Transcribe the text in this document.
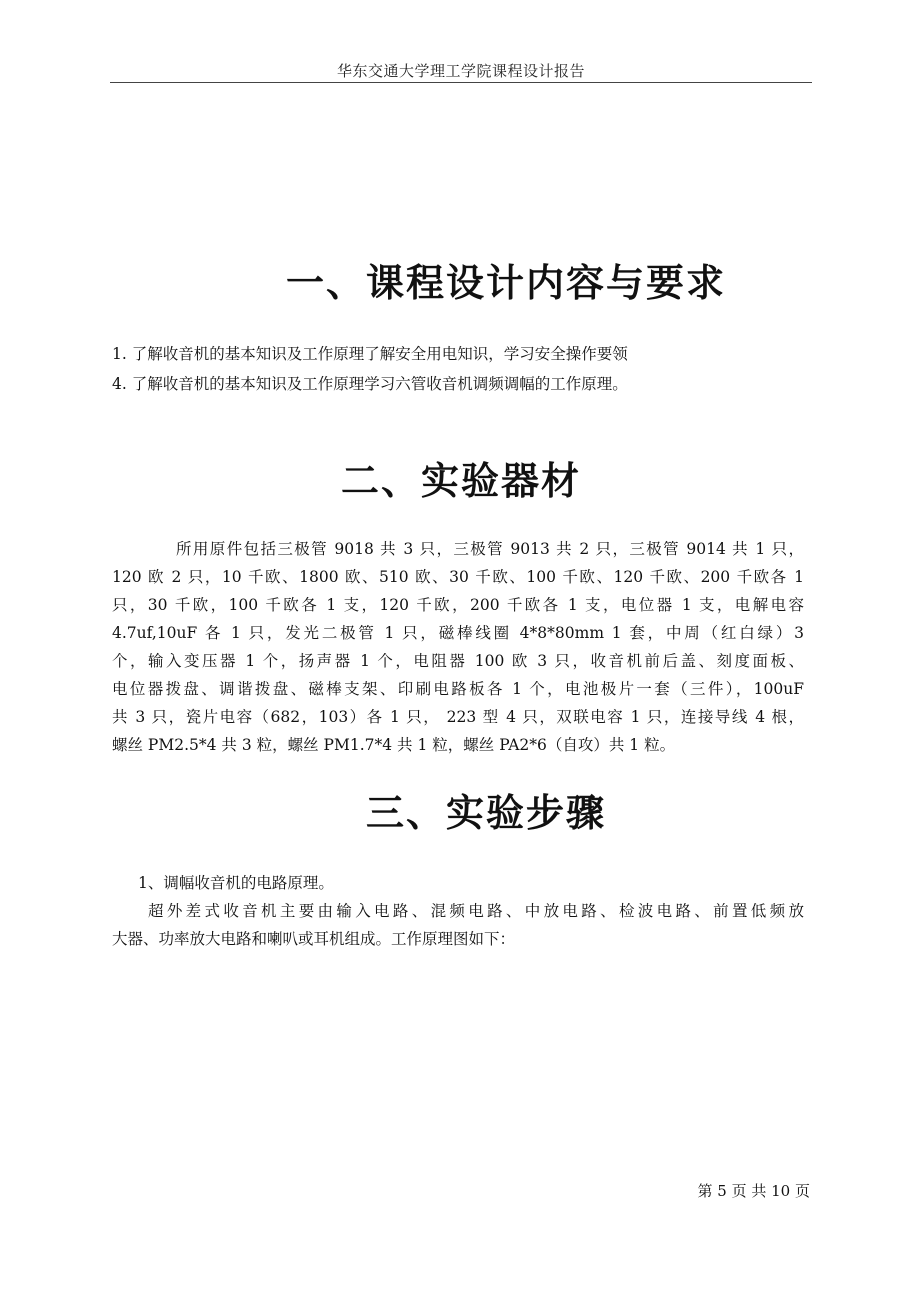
华东交通大学理工学院课程设计报告
一、课程设计内容与要求
1. 了解收音机的基本知识及工作原理了解安全用电知识，学习安全操作要领
4. 了解收音机的基本知识及工作原理学习六管收音机调频调幅的工作原理。
二、实验器材
所用原件包括三极管 9018 共 3 只，三极管 9013 共 2 只，三极管 9014 共 1 只，
120 欧 2 只，10 千欧、1800 欧、510 欧、30 千欧、100 千欧、120 千欧、200 千欧各 1
只，30 千欧，100 千欧各 1 支，120 千欧，200 千欧各 1 支，电位器 1 支，电解电容
4.7uf,10uF 各 1 只，发光二极管 1 只，磁棒线圈 4*8*80mm 1 套，中周（红白绿）3
个，输入变压器 1 个，扬声器 1 个，电阻器 100 欧 3 只，收音机前后盖、刻度面板、
电位器拨盘、调谐拨盘、磁棒支架、印刷电路板各 1 个，电池极片一套（三件），100uF
共 3 只，瓷片电容（682，103）各 1 只， 223 型 4 只，双联电容 1 只，连接导线 4 根，
螺丝 PM2.5*4 共 3 粒，螺丝 PM1.7*4 共 1 粒，螺丝 PA2*6（自攻）共 1 粒。
三、实验步骤
1、调幅收音机的电路原理。
超外差式收音机主要由输入电路、混频电路、中放电路、检波电路、前置低频放
大器、功率放大电路和喇叭或耳机组成。工作原理图如下：
第 5 页 共 10 页
